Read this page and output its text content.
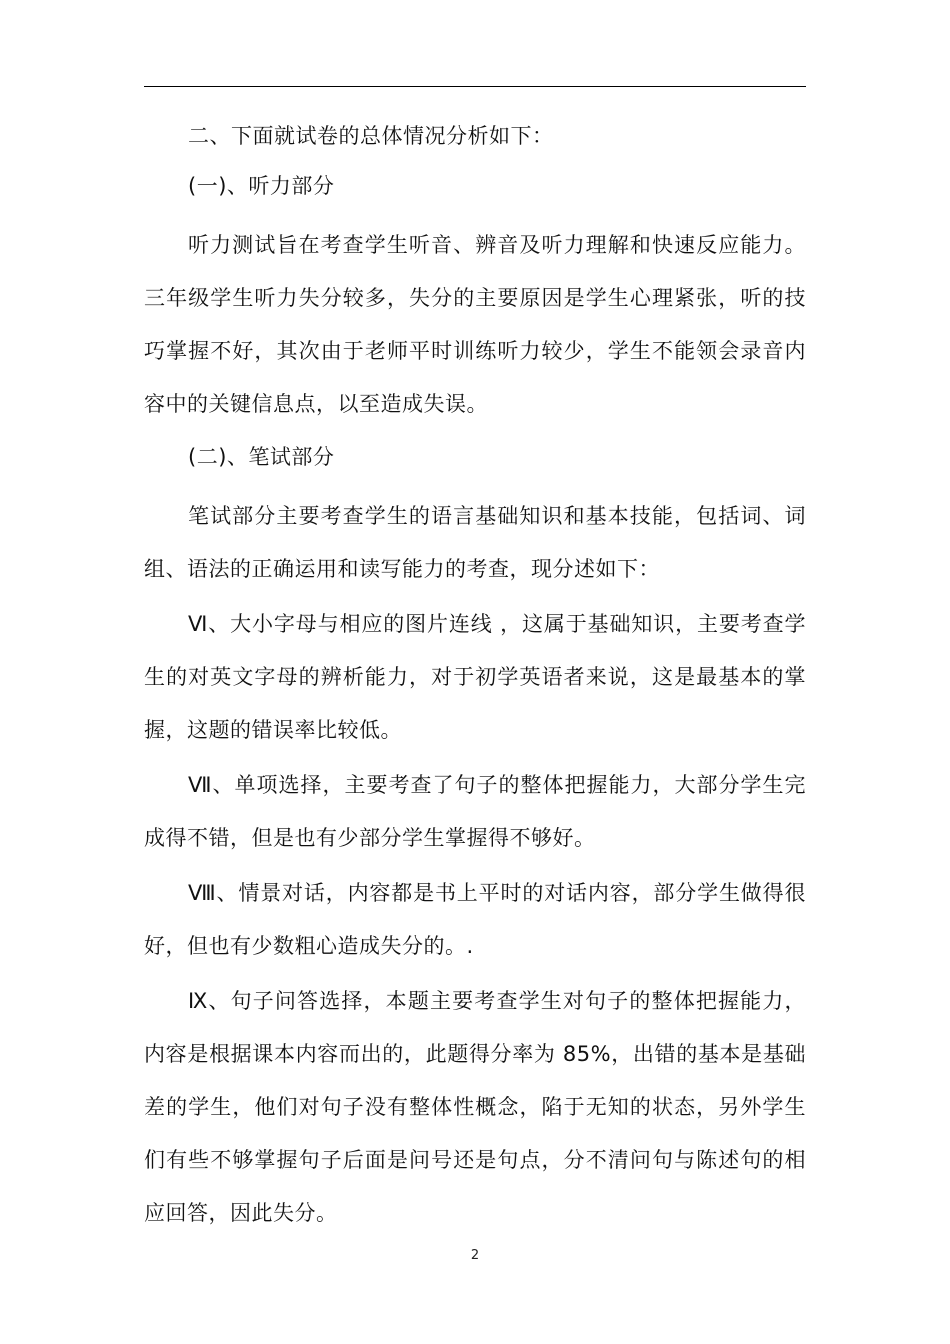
二、下面就试卷的总体情况分析如下：

(一)、听力部分

听力测试旨在考查学生听音、辨音及听力理解和快速反应能力。三年级学生听力失分较多，失分的主要原因是学生心理紧张，听的技巧掌握不好，其次由于老师平时训练听力较少，学生不能领会录音内容中的关键信息点，以至造成失误。

(二)、笔试部分

笔试部分主要考查学生的语言基础知识和基本技能，包括词、词组、语法的正确运用和读写能力的考查，现分述如下：

Ⅵ、大小字母与相应的图片连线 ，这属于基础知识，主要考查学生的对英文字母的辨析能力，对于初学英语者来说，这是最基本的掌握，这题的错误率比较低。

Ⅶ、单项选择，主要考查了句子的整体把握能力，大部分学生完成得不错，但是也有少部分学生掌握得不够好。

Ⅷ、情景对话，内容都是书上平时的对话内容，部分学生做得很好，但也有少数粗心造成失分的。.

Ⅸ、句子问答选择，本题主要考查学生对句子的整体把握能力，内容是根据课本内容而出的，此题得分率为 85%，出错的基本是基础差的学生，他们对句子没有整体性概念，陷于无知的状态，另外学生们有些不够掌握句子后面是问号还是句点，分不清问句与陈述句的相应回答，因此失分。

2
